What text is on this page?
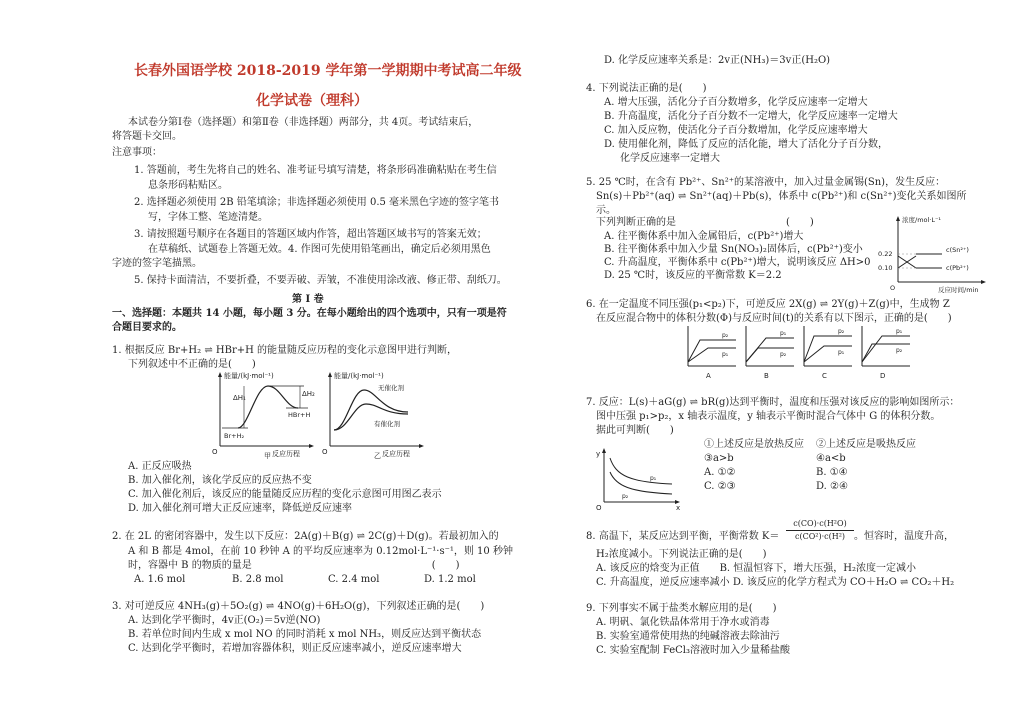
长春外国语学校 2018-2019 学年第一学期期中考试高二年级
化学试卷（理科）
本试卷分第Ⅰ卷（选择题）和第Ⅱ卷（非选择题）两部分，共 4页。考试结束后，
将答题卡交回。
注意事项：
1. 答题前，考生先将自己的姓名、准考证号填写清楚，将条形码准确粘贴在考生信
息条形码粘贴区。
2. 选择题必须使用 2B 铅笔填涂；非选择题必须使用 0.5 毫米黑色字迹的签字笔书
写，字体工整、笔迹清楚。
3. 请按照题号顺序在各题目的答题区域内作答，超出答题区域书写的答案无效；
在草稿纸、试题卷上答题无效。4. 作图可先使用铅笔画出，确定后必须用黑色
字迹的签字笔描黑。
5. 保持卡面清洁，不要折叠，不要弄破、弄皱，不准使用涂改液、修正带、刮纸刀。
第 Ⅰ 卷
一、选择题：本题共 14 小题，每小题 3 分。在每小题给出的四个选项中，只有一项是符
合题目要求的。
1. 根据反应 Br+H₂ ⇌ HBr+H 的能量随反应历程的变化示意图甲进行判断，
下列叙述中不正确的是(　　)
能量/(kJ·mol⁻¹)
O	反应历程
ΔH₁	ΔH₂
Br+H₂
HBr+H
甲
能量/(kJ·mol⁻¹)
O	反应历程
无催化剂
有催化剂
乙
A. 正反应吸热
B. 加入催化剂，该化学反应的反应热不变
C. 加入催化剂后，该反应的能量随反应历程的变化示意图可用图乙表示
D. 加入催化剂可增大正反应速率，降低逆反应速率
2. 在 2L 的密闭容器中，发生以下反应：2A(g)＋B(g) ⇌ 2C(g)＋D(g)。若最初加入的
A 和 B 都是 4mol，在前 10 秒钟 A 的平均反应速率为 0.12mol·L⁻¹·s⁻¹，则 10 秒钟
时，容器中 B 的物质的量是　　　　　　　　　　　　　　　　　　(　　)
A. 1.6 mol	B. 2.8 mol	C. 2.4 mol	D. 1.2 mol
3. 对可逆反应 4NH₃(g)＋5O₂(g) ⇌ 4NO(g)＋6H₂O(g)，下列叙述正确的是(　　)
A. 达到化学平衡时，4v正(O₂)＝5v逆(NO)
B. 若单位时间内生成 x mol NO 的同时消耗 x mol NH₃，则反应达到平衡状态
C. 达到化学平衡时，若增加容器体积，则正反应速率减小，逆反应速率增大
D. 化学反应速率关系是：2v正(NH₃)＝3v正(H₂O)
4. 下列说法正确的是(　　)
A. 增大压强，活化分子百分数增多，化学反应速率一定增大
B. 升高温度，活化分子百分数不一定增大，化学反应速率一定增大
C. 加入反应物，使活化分子百分数增加，化学反应速率增大
D. 使用催化剂，降低了反应的活化能，增大了活化分子百分数，
化学反应速率一定增大
5. 25 ℃时，在含有 Pb²⁺、Sn²⁺的某溶液中，加入过量金属锡(Sn)，发生反应：
Sn(s)＋Pb²⁺(aq) ⇌ Sn²⁺(aq)＋Pb(s)，体系中 c(Pb²⁺)和 c(Sn²⁺)变化关系如图所
示。
下列判断正确的是　　　　　　　　　　　(　　)
A. 往平衡体系中加入金属铅后，c(Pb²⁺)增大
B. 往平衡体系中加入少量 Sn(NO₃)₂固体后，c(Pb²⁺)变小
C. 升高温度，平衡体系中 c(Pb²⁺)增大，说明该反应 ΔH>0
D. 25 ℃时，该反应的平衡常数 K＝2.2
浓度/mol·L⁻¹
反应时间/min
O
0.22
0.10
c(Sn²⁺)
c(Pb²⁺)
6. 在一定温度不同压强(p₁<p₂)下，可逆反应 2X(g) ⇌ 2Y(g)＋Z(g)中，生成物 Z
在反应混合物中的体积分数(Φ)与反应时间(t)的关系有以下图示，正确的是(　　)
p₂
p₁
A
p₁
p₂
B
p₂
p₁
C
p₁
p₂
D
7. 反应：L(s)＋aG(g) ⇌ bR(g)达到平衡时，温度和压强对该反应的影响如图所示：
图中压强 p₁>p₂，x 轴表示温度，y 轴表示平衡时混合气体中 G 的体积分数。
据此可判断(　　)
y
x
O
p₁
p₂
①上述反应是放热反应 ②上述反应是吸热反应
③a>b	④a<b
A. ①②	B. ①④
C. ②③	D. ②④
8. 高温下，某反应达到平衡，平衡常数 $K= \frac{\text{c(CO)·c(H²O)}}{\text{c(CO²)·c(H²)}}$ 。恒容时，温度升高，
H₂浓度减小。下列说法正确的是(　　)
A. 该反应的焓变为正值　　B. 恒温恒容下，增大压强，H₂浓度一定减小
C. 升高温度，逆反应速率减小 D. 该反应的化学方程式为 CO＋H₂O ⇌ CO₂＋H₂
9. 下列事实不属于盐类水解应用的是(　　)
A. 明矾、氯化铁晶体常用于净水或消毒
B. 实验室通常使用热的纯碱溶液去除油污
C. 实验室配制 FeCl₃溶液时加入少量稀盐酸
